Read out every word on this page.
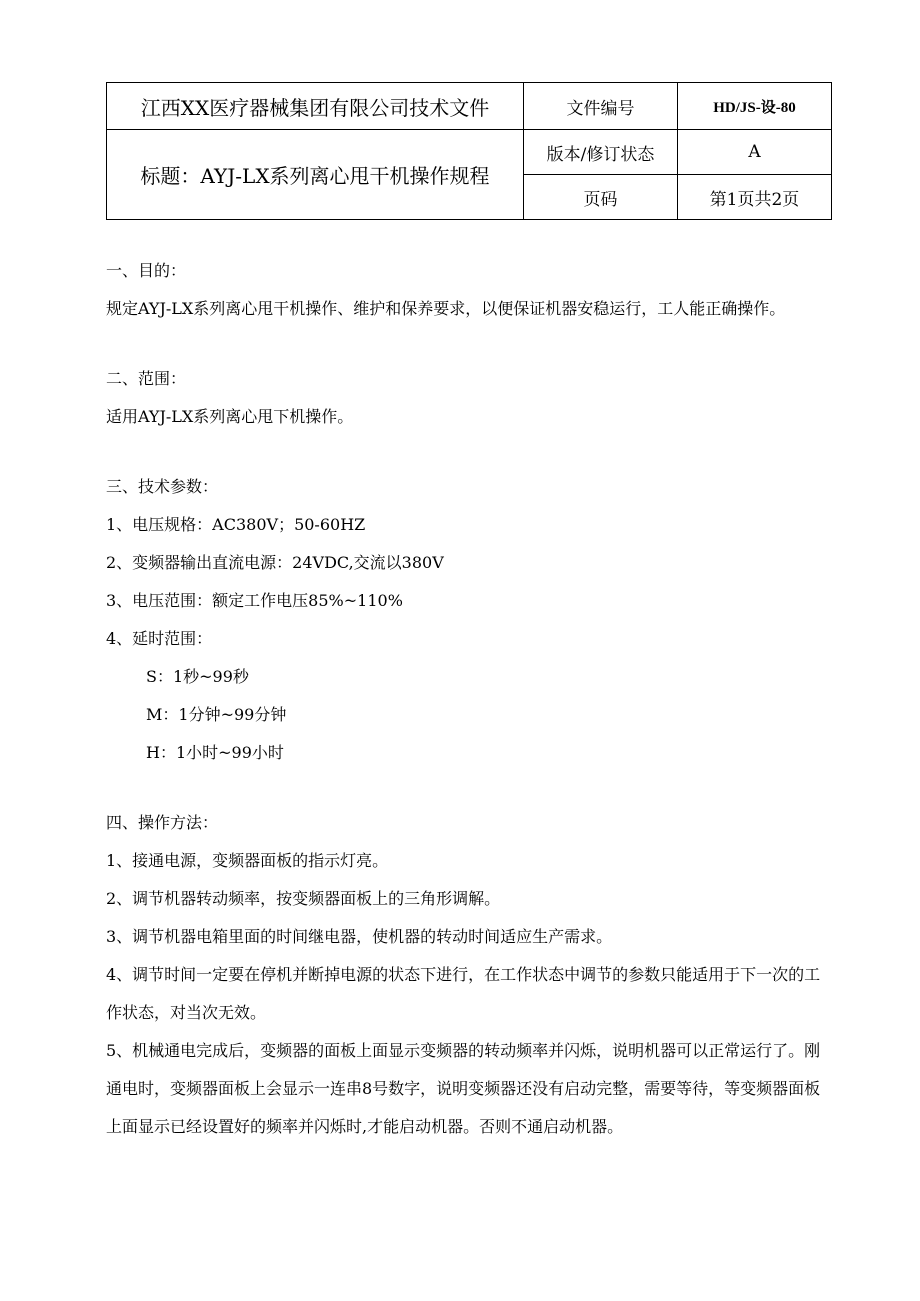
江西XX医疗器械集团有限公司技术文件	文件编号	HD/JS-设-80
标题：AYJ-LX系列离心甩干机操作规程	版本/修订状态	A
	页码	第1页共2页

一、目的：

规定AYJ-LX系列离心甩干机操作、维护和保养要求，以便保证机器安稳运行，工人能正确操作。

二、范围：

适用AYJ-LX系列离心甩下机操作。

三、技术参数：

1、电压规格：AC380V；50-60HZ

2、变频器输出直流电源：24VDC,交流以380V

3、电压范围：额定工作电压85%~110%

4、延时范围：

S：1秒~99秒

M：1分钟~99分钟

H：1小时~99小时

四、操作方法：

1、接通电源，变频器面板的指示灯亮。

2、调节机器转动频率，按变频器面板上的三角形调解。

3、调节机器电箱里面的时间继电器，使机器的转动时间适应生产需求。

4、调节时间一定要在停机并断掉电源的状态下进行，在工作状态中调节的参数只能适用于下一次的工作状态，对当次无效。

5、机械通电完成后，变频器的面板上面显示变频器的转动频率并闪烁，说明机器可以正常运行了。刚通电时，变频器面板上会显示一连串8号数字，说明变频器还没有启动完整，需要等待，等变频器面板上面显示已经设置好的频率并闪烁时,才能启动机器。否则不通启动机器。
